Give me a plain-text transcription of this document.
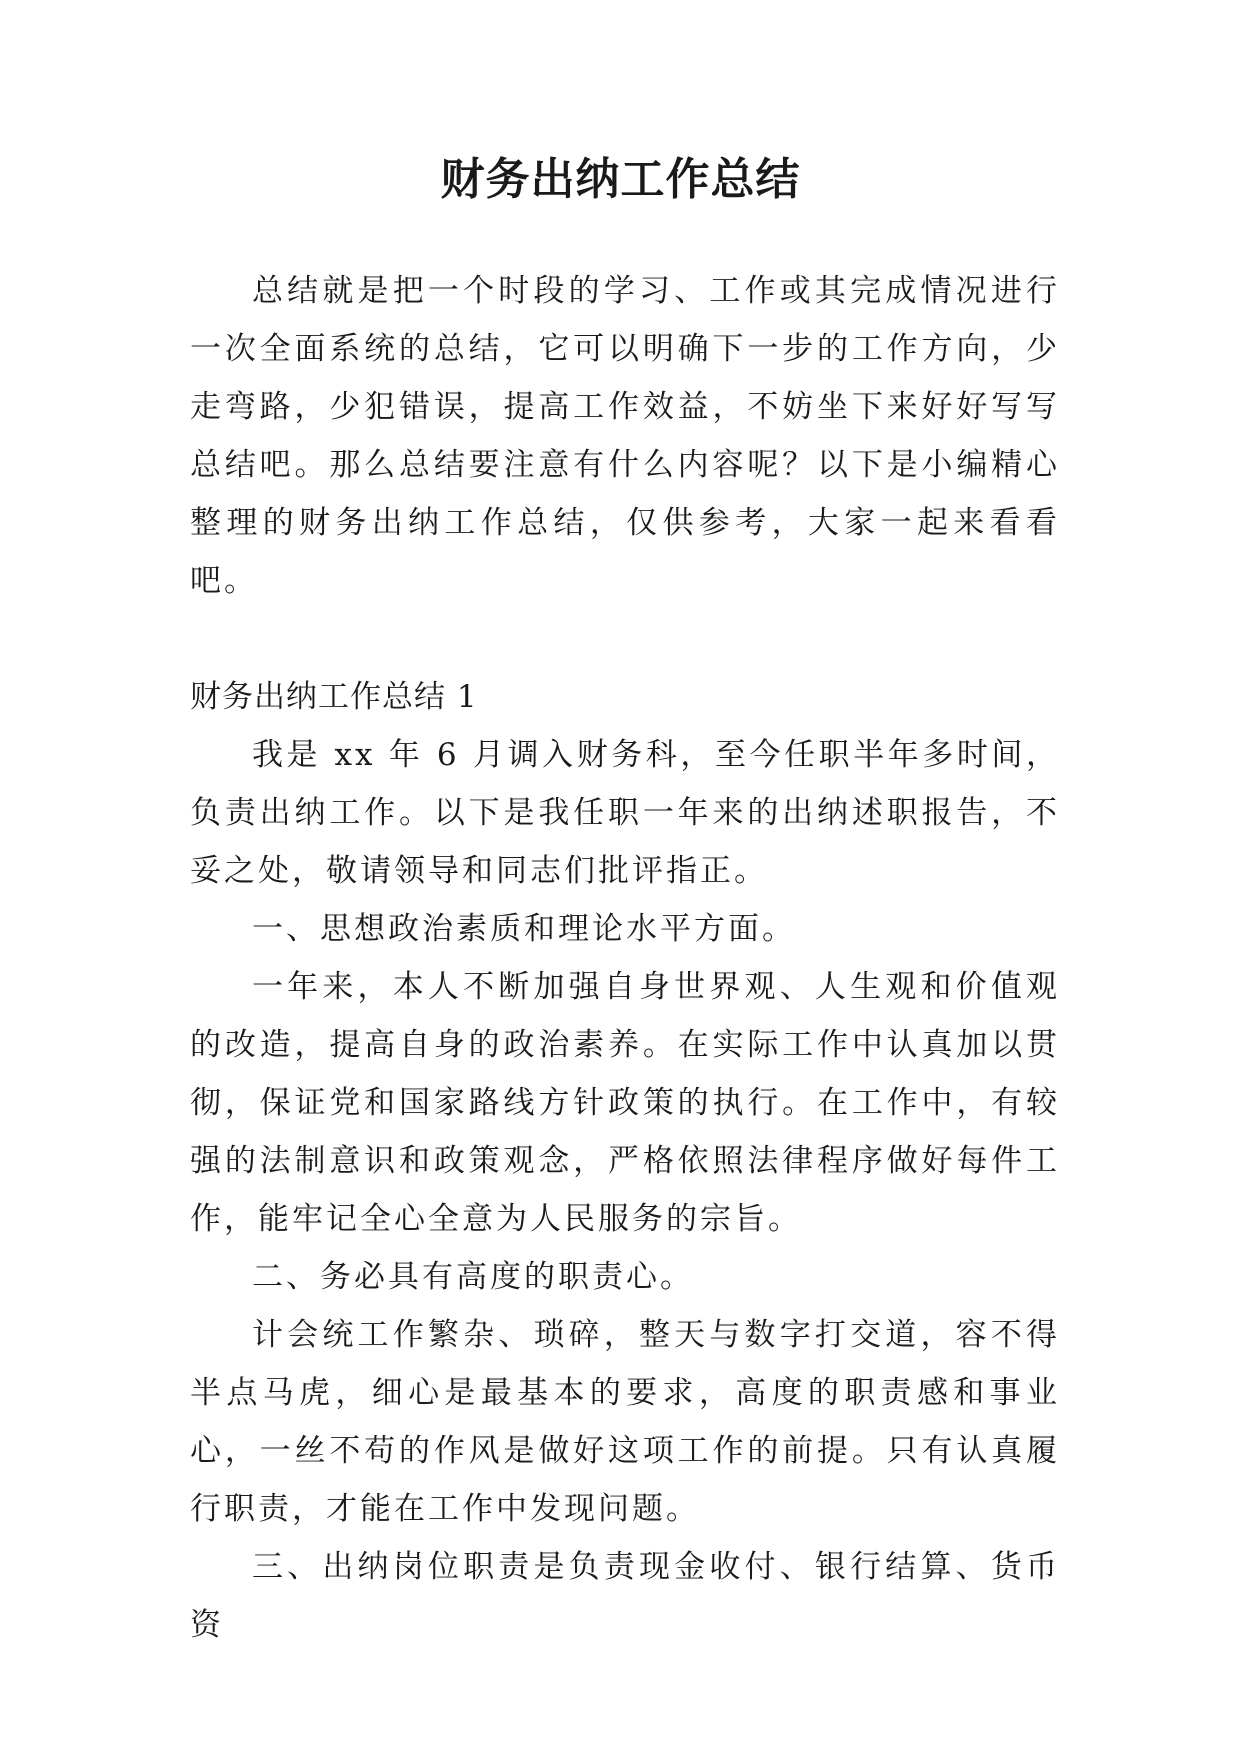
财务出纳工作总结

总结就是把一个时段的学习、工作或其完成情况进行一次全面系统的总结，它可以明确下一步的工作方向，少走弯路，少犯错误，提高工作效益，不妨坐下来好好写写总结吧。那么总结要注意有什么内容呢？以下是小编精心整理的财务出纳工作总结，仅供参考，大家一起来看看吧。

财务出纳工作总结 1

我是 xx 年 6 月调入财务科，至今任职半年多时间，负责出纳工作。以下是我任职一年来的出纳述职报告，不妥之处，敬请领导和同志们批评指正。

一、思想政治素质和理论水平方面。

一年来，本人不断加强自身世界观、人生观和价值观的改造，提高自身的政治素养。在实际工作中认真加以贯彻，保证党和国家路线方针政策的执行。在工作中，有较强的法制意识和政策观念，严格依照法律程序做好每件工作，能牢记全心全意为人民服务的宗旨。

二、务必具有高度的职责心。

计会统工作繁杂、琐碎，整天与数字打交道，容不得半点马虎，细心是最基本的要求，高度的职责感和事业心，一丝不苟的作风是做好这项工作的前提。只有认真履行职责，才能在工作中发现问题。

三、出纳岗位职责是负责现金收付、银行结算、货币资
